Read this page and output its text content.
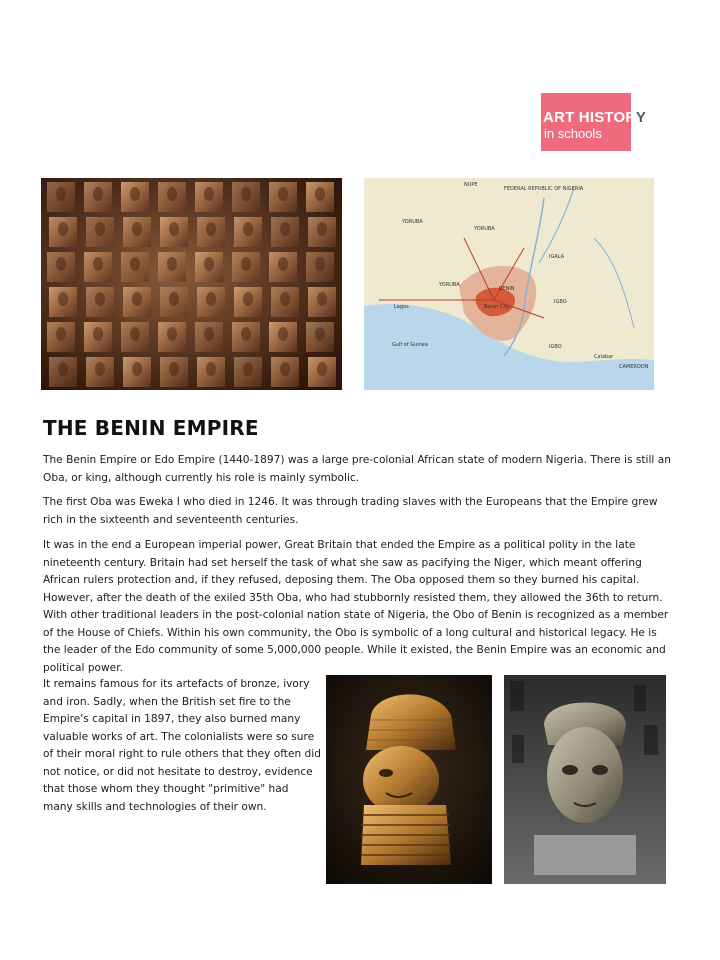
ART HISTORY
in schools
NUPE
FEDERAL REPUBLIC OF NIGERIA
YORUBA
YORUBA
YORUBA
IGALA
IGBO
IGBO
BENIN
Gulf of Guinea
CAMEROON
Lagos	Benin City
Calabar
THE BENIN EMPIRE

The Benin Empire or Edo Empire (1440-1897) was a large pre-colonial African state of modern Nigeria. There is still an Oba, or king, although currently his role is mainly symbolic.

The first Oba was Eweka I who died in 1246. It was through trading slaves with the Europeans that the Empire grew rich in the sixteenth and seventeenth centuries.

It was in the end a European imperial power, Great Britain that ended the Empire as a political polity in the late nineteenth century. Britain had set herself the task of what she saw as pacifying the Niger, which meant offering African rulers protection and, if they refused, deposing them. The Oba opposed them so they burned his capital. However, after the death of the exiled 35th Oba, who had stubbornly resisted them, they allowed the 36th to return. With other traditional leaders in the post-colonial nation state of Nigeria, the Obo of Benin is recognized as a member of the House of Chiefs. Within his own community, the Obo is symbolic of a long cultural and historical legacy. He is the leader of the Edo community of some 5,000,000 people. While it existed, the Benin Empire was an economic and political power.

It remains famous for its artefacts of bronze, ivory and iron. Sadly, when the British set fire to the Empire's capital in 1897, they also burned many valuable works of art. The colonialists were so sure of their moral right to rule others that they often did not notice, or did not hesitate to destroy, evidence that those whom they thought "primitive" had many skills and technologies of their own.
